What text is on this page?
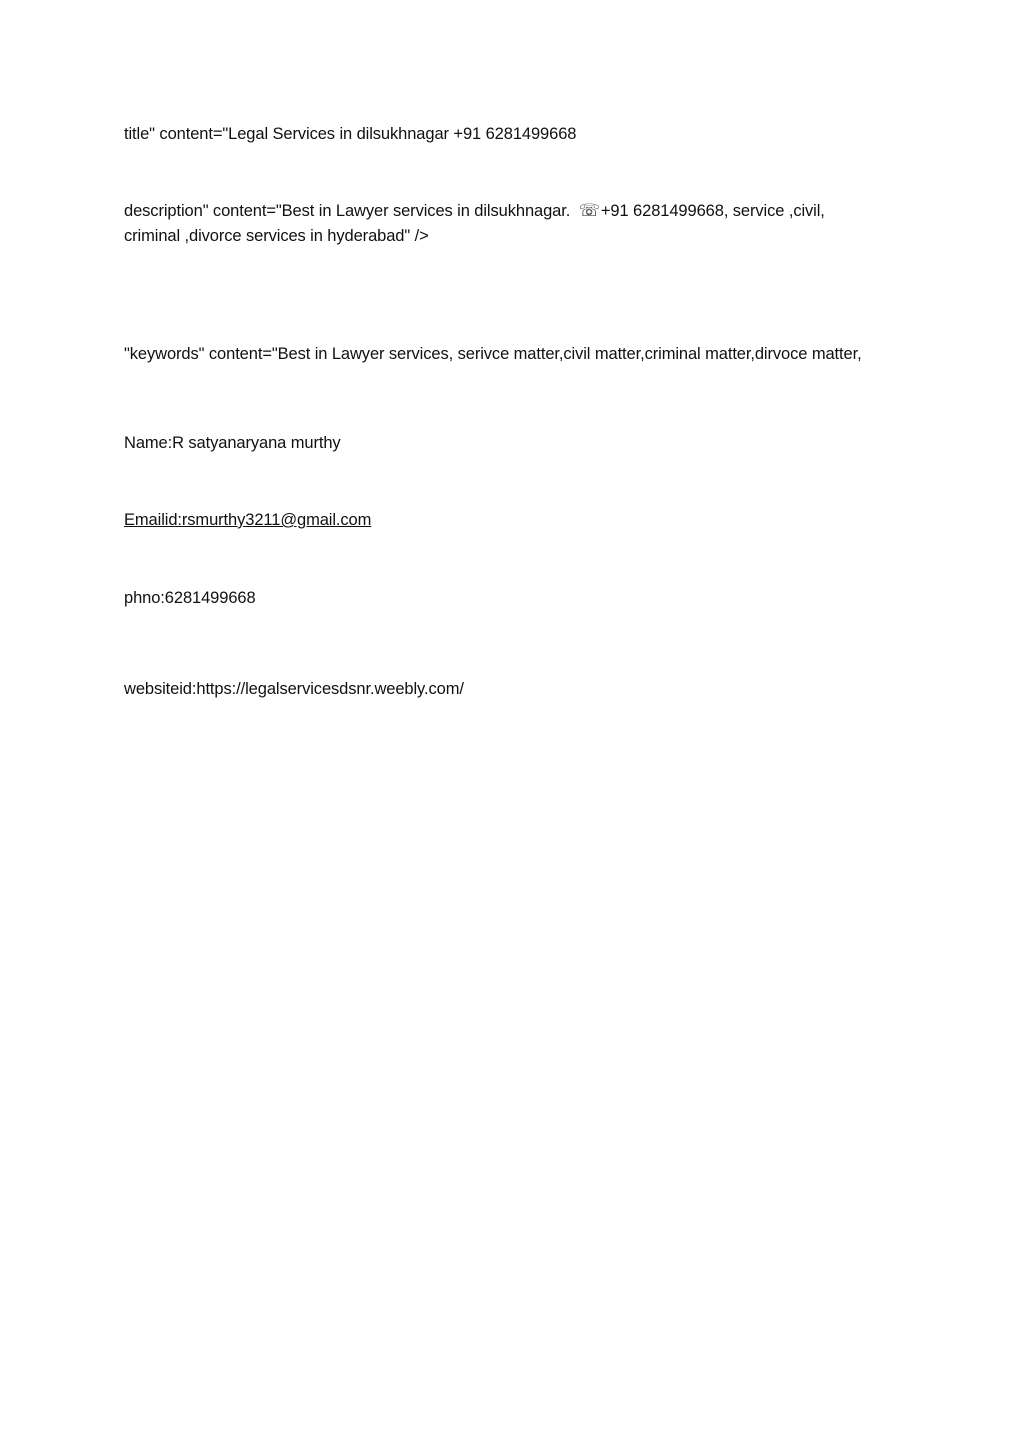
title" content="Legal Services in dilsukhnagar +91 6281499668
description" content="Best in Lawyer services in dilsukhnagar. ☏+91 6281499668, service ,civil, criminal ,divorce services in hyderabad" />
"keywords" content="Best in Lawyer services, serivce matter,civil matter,criminal matter,dirvoce matter,
Name:R satyanaryana murthy
Emailid:rsmurthy3211@gmail.com
phno:6281499668
websiteid:https://legalservicesdsnr.weebly.com/
